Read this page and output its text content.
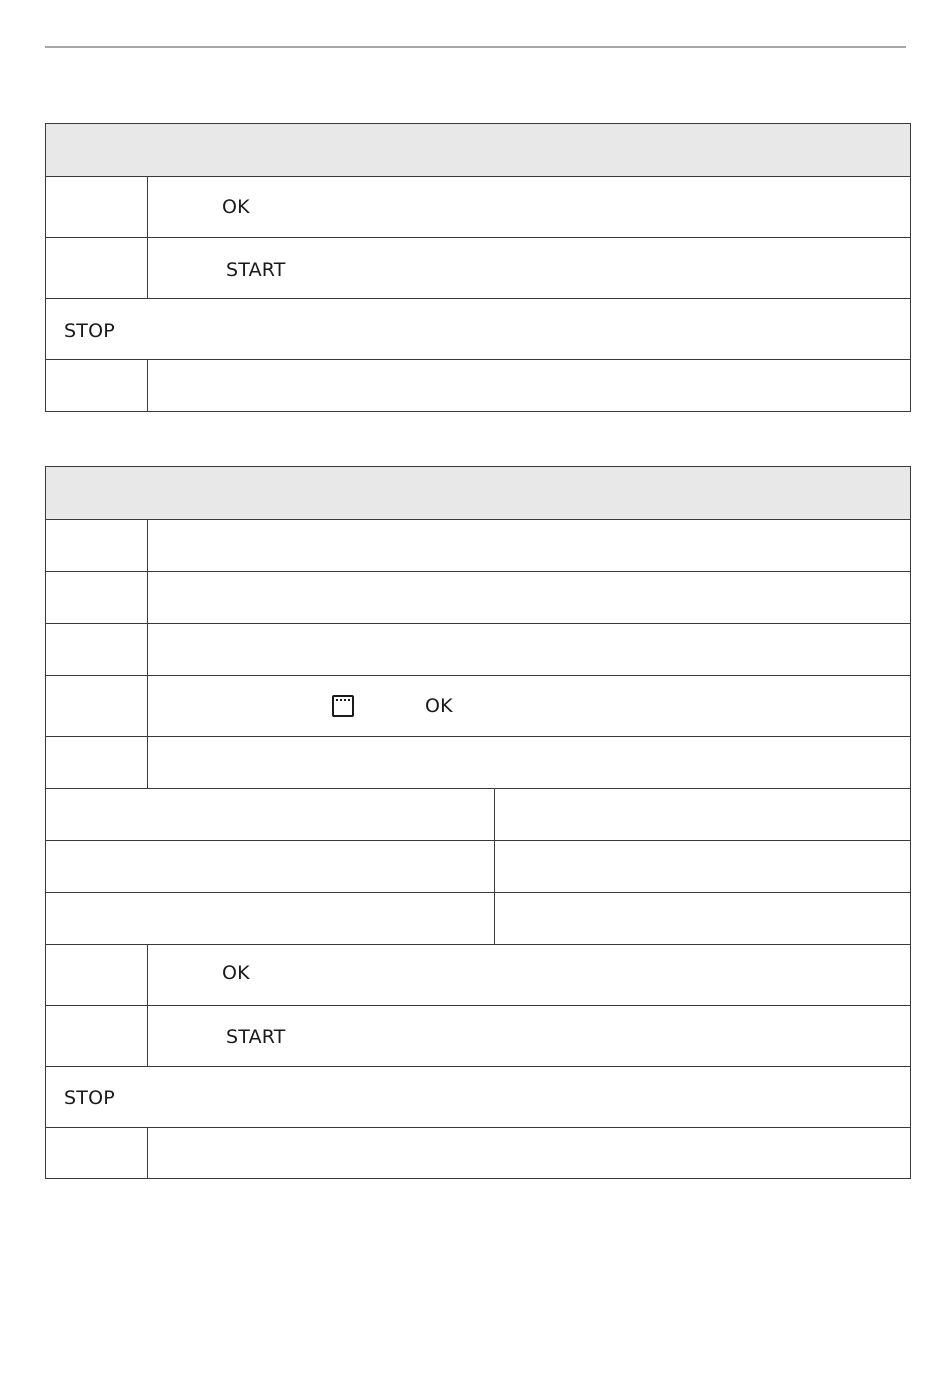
OK
START
STOP
OK
OK
START
STOP
